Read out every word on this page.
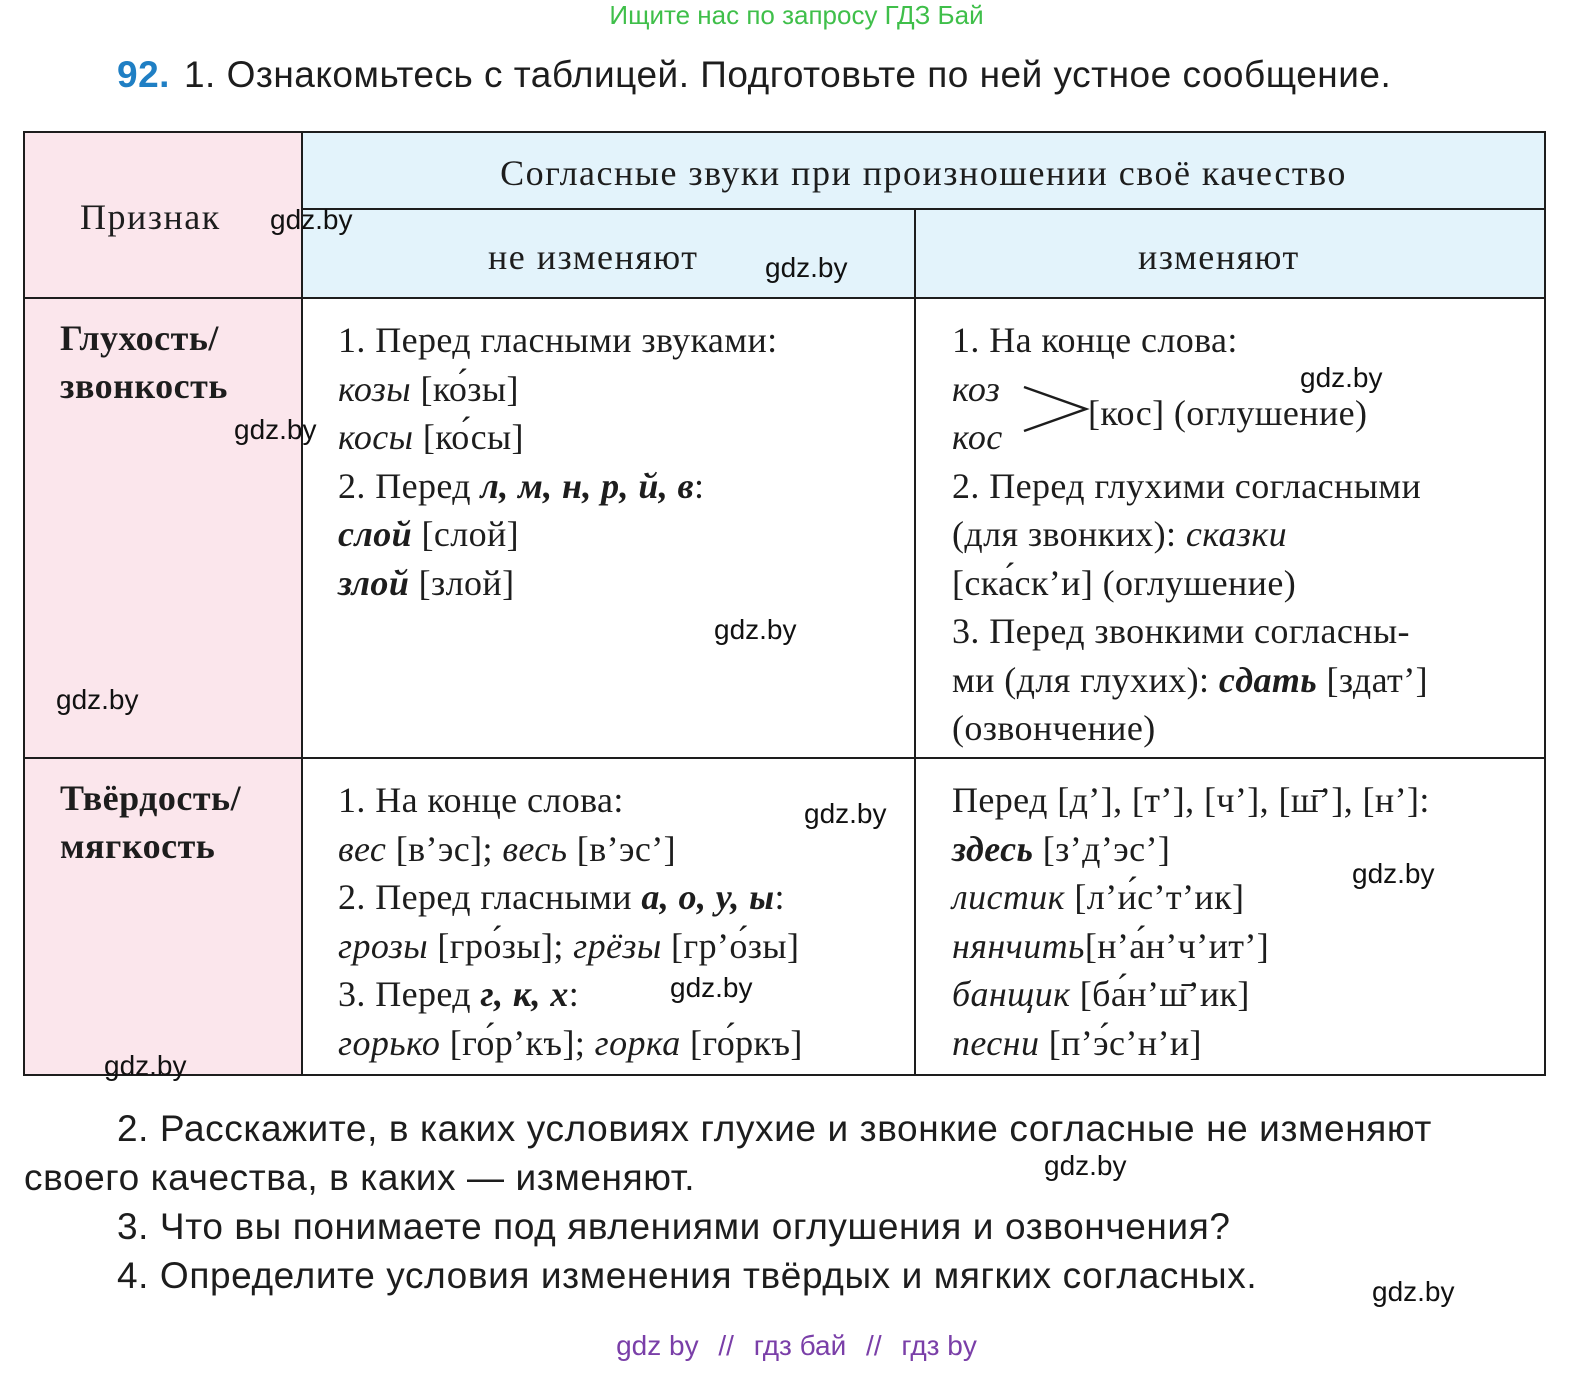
Ищите нас по запросу ГДЗ Бай
92. 1. Ознакомьтесь с таблицей. Подготовьте по ней устное сообщение.
Признак
Согласные звуки при произношении своё качество
не изменяют	изменяют
Глухость/
звонкость
1. Перед гласными звуками:
козы [ко́зы]
косы [ко́сы]
2. Перед л, м, н, р, й, в:
слой [слой]
злой [злой]
1. На конце слова:
коз
кос
[кос] (оглушение)
2. Перед глухими согласными
(для звонких): сказки
[ска́ск’и] (оглушение)
3. Перед звонкими согласны-
ми (для глухих): сдать [здат’]
(озвончение)
Твёрдость/
мягкость
1. На конце слова:
вес [в’эс]; весь [в’эс’]
2. Перед гласными а, о, у, ы:
грозы [гро́зы]; грёзы [гр’о́зы]
3. Перед г, к, х:
горько [го́р’къ]; горка [го́ркъ]
Перед [д’], [т’], [ч’], [ш̄’], [н’]:
здесь [з’д’эс’]
листик [л’и́с’т’ик]
нянчить[н’а́н’ч’ит’]
банщик [ба́н’ш̄’ик]
песни [п’э́с’н’и]
gdz.by
gdz.by
gdz.by
gdz.by
gdz.by
gdz.by
gdz.by
gdz.by
gdz.by
gdz.by
gdz.by
gdz.by
2. Расскажите, в каких условиях глухие и звонкие согласные не изменяют
своего качества, в каких — изменяют.
3. Что вы понимаете под явлениями оглушения и озвончения?
4. Определите условия изменения твёрдых и мягких согласных.
gdz by // гдз бай // гдз by
